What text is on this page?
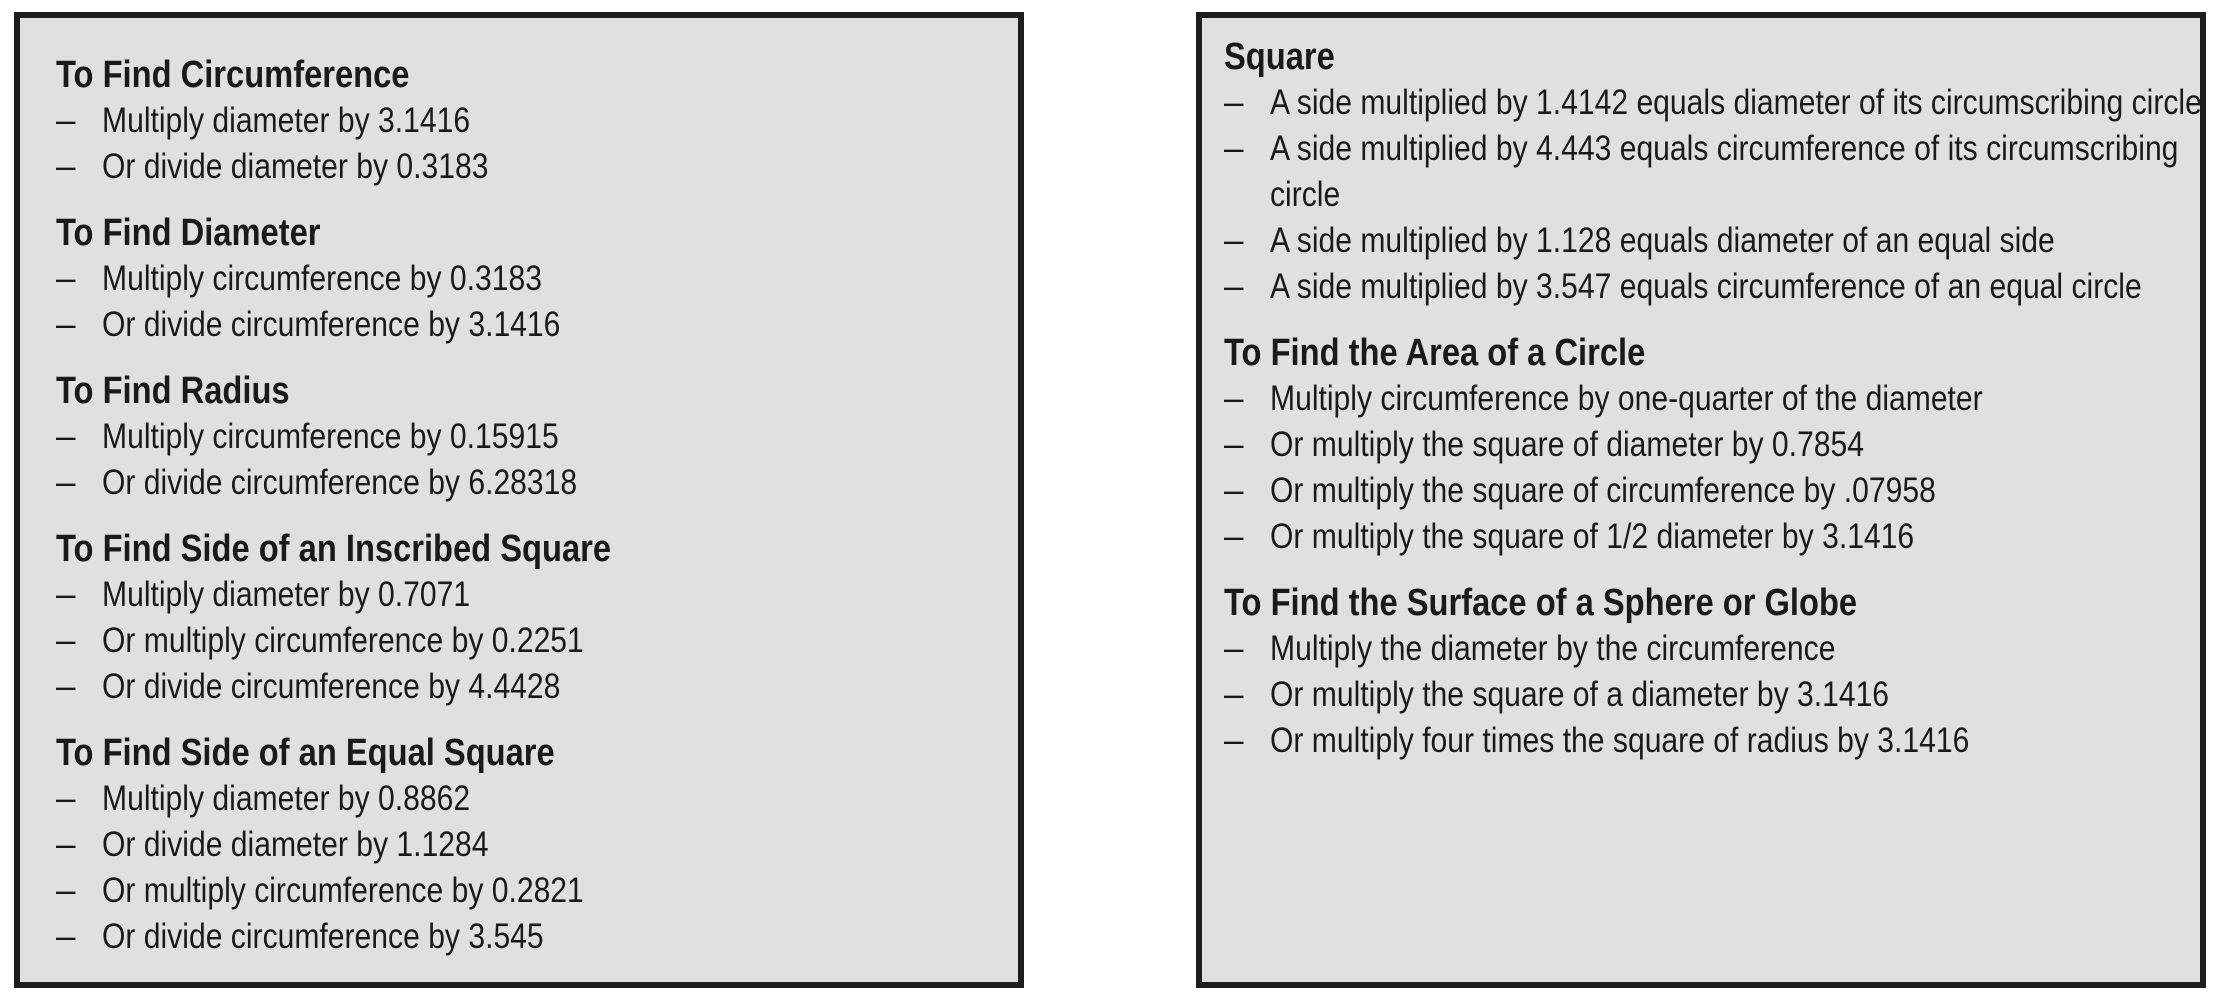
To Find Circumference
– Multiply diameter by 3.1416
– Or divide diameter by 0.3183
To Find Diameter
– Multiply circumference by 0.3183
– Or divide circumference by 3.1416
To Find Radius
– Multiply circumference by 0.15915
– Or divide circumference by 6.28318
To Find Side of an Inscribed Square
– Multiply diameter by 0.7071
– Or multiply circumference by 0.2251
– Or divide circumference by 4.4428
To Find Side of an Equal Square
– Multiply diameter by 0.8862
– Or divide diameter by 1.1284
– Or multiply circumference by 0.2821
– Or divide circumference by 3.545
Square
– A side multiplied by 1.4142 equals diameter of its circumscribing circle
– A side multiplied by 4.443 equals circumference of its circumscribing circle
– A side multiplied by 1.128 equals diameter of an equal side
– A side multiplied by 3.547 equals circumference of an equal circle
To Find the Area of a Circle
– Multiply circumference by one-quarter of the diameter
– Or multiply the square of diameter by 0.7854
– Or multiply the square of circumference by .07958
– Or multiply the square of 1/2 diameter by 3.1416
To Find the Surface of a Sphere or Globe
– Multiply the diameter by the circumference
– Or multiply the square of a diameter by 3.1416
– Or multiply four times the square of radius by 3.1416
